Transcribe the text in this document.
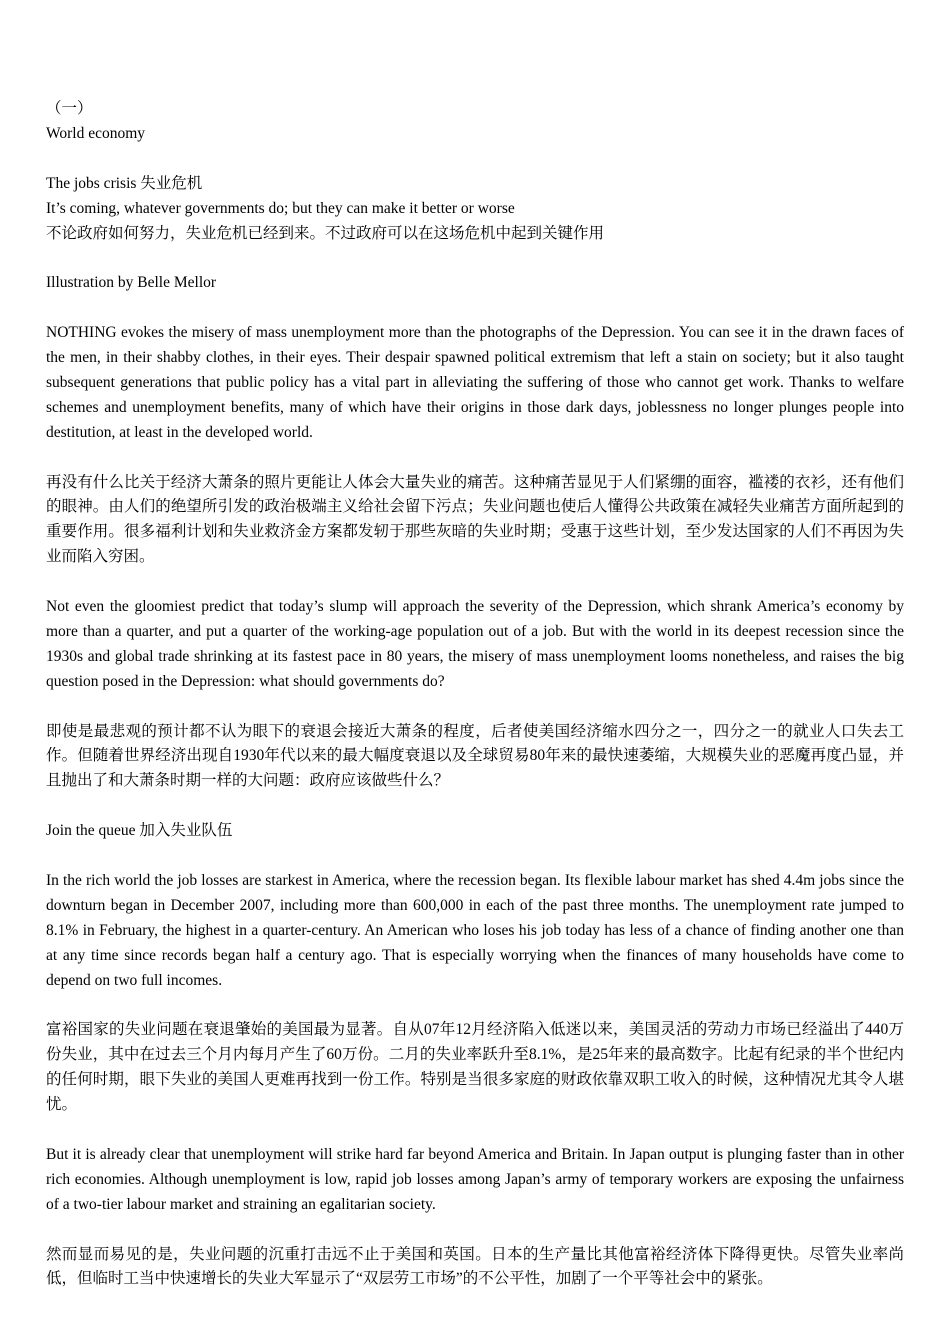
（一）

World economy

The jobs crisis 失业危机

It’s coming, whatever governments do; but they can make it better or worse

不论政府如何努力，失业危机已经到来。不过政府可以在这场危机中起到关键作用

Illustration by Belle Mellor

NOTHING evokes the misery of mass unemployment more than the photographs of the Depression. You can see it in the drawn faces of the men, in their shabby clothes, in their eyes. Their despair spawned political extremism that left a stain on society; but it also taught subsequent generations that public policy has a vital part in alleviating the suffering of those who cannot get work. Thanks to welfare schemes and unemployment benefits, many of which have their origins in those dark days, joblessness no longer plunges people into destitution, at least in the developed world.

再没有什么比关于经济大萧条的照片更能让人体会大量失业的痛苦。这种痛苦显见于人们紧绷的面容，褴褛的衣衫，还有他们的眼神。由人们的绝望所引发的政治极端主义给社会留下污点；失业问题也使后人懂得公共政策在减轻失业痛苦方面所起到的重要作用。很多福利计划和失业救济金方案都发轫于那些灰暗的失业时期；受惠于这些计划，至少发达国家的人们不再因为失业而陷入穷困。

Not even the gloomiest predict that today’s slump will approach the severity of the Depression, which shrank America’s economy by more than a quarter, and put a quarter of the working-age population out of a job. But with the world in its deepest recession since the 1930s and global trade shrinking at its fastest pace in 80 years, the misery of mass unemployment looms nonetheless, and raises the big question posed in the Depression: what should governments do?

即使是最悲观的预计都不认为眼下的衰退会接近大萧条的程度，后者使美国经济缩水四分之一，四分之一的就业人口失去工作。但随着世界经济出现自1930年代以来的最大幅度衰退以及全球贸易80年来的最快速萎缩，大规模失业的恶魔再度凸显，并且抛出了和大萧条时期一样的大问题：政府应该做些什么？

Join the queue 加入失业队伍

In the rich world the job losses are starkest in America, where the recession began. Its flexible labour market has shed 4.4m jobs since the downturn began in December 2007, including more than 600,000 in each of the past three months. The unemployment rate jumped to 8.1% in February, the highest in a quarter-century. An American who loses his job today has less of a chance of finding another one than at any time since records began half a century ago. That is especially worrying when the finances of many households have come to depend on two full incomes.

富裕国家的失业问题在衰退肇始的美国最为显著。自从07年12月经济陷入低迷以来，美国灵活的劳动力市场已经溢出了440万份失业，其中在过去三个月内每月产生了60万份。二月的失业率跃升至8.1%，是25年来的最高数字。比起有纪录的半个世纪内的任何时期，眼下失业的美国人更难再找到一份工作。特别是当很多家庭的财政依靠双职工收入的时候，这种情况尤其令人堪忧。

But it is already clear that unemployment will strike hard far beyond America and Britain. In Japan output is plunging faster than in other rich economies. Although unemployment is low, rapid job losses among Japan’s army of temporary workers are exposing the unfairness of a two-tier labour market and straining an egalitarian society.

然而显而易见的是，失业问题的沉重打击远不止于美国和英国。日本的生产量比其他富裕经济体下降得更快。尽管失业率尚低，但临时工当中快速增长的失业大军显示了“双层劳工市场”的不公平性，加剧了一个平等社会中的紧张。
